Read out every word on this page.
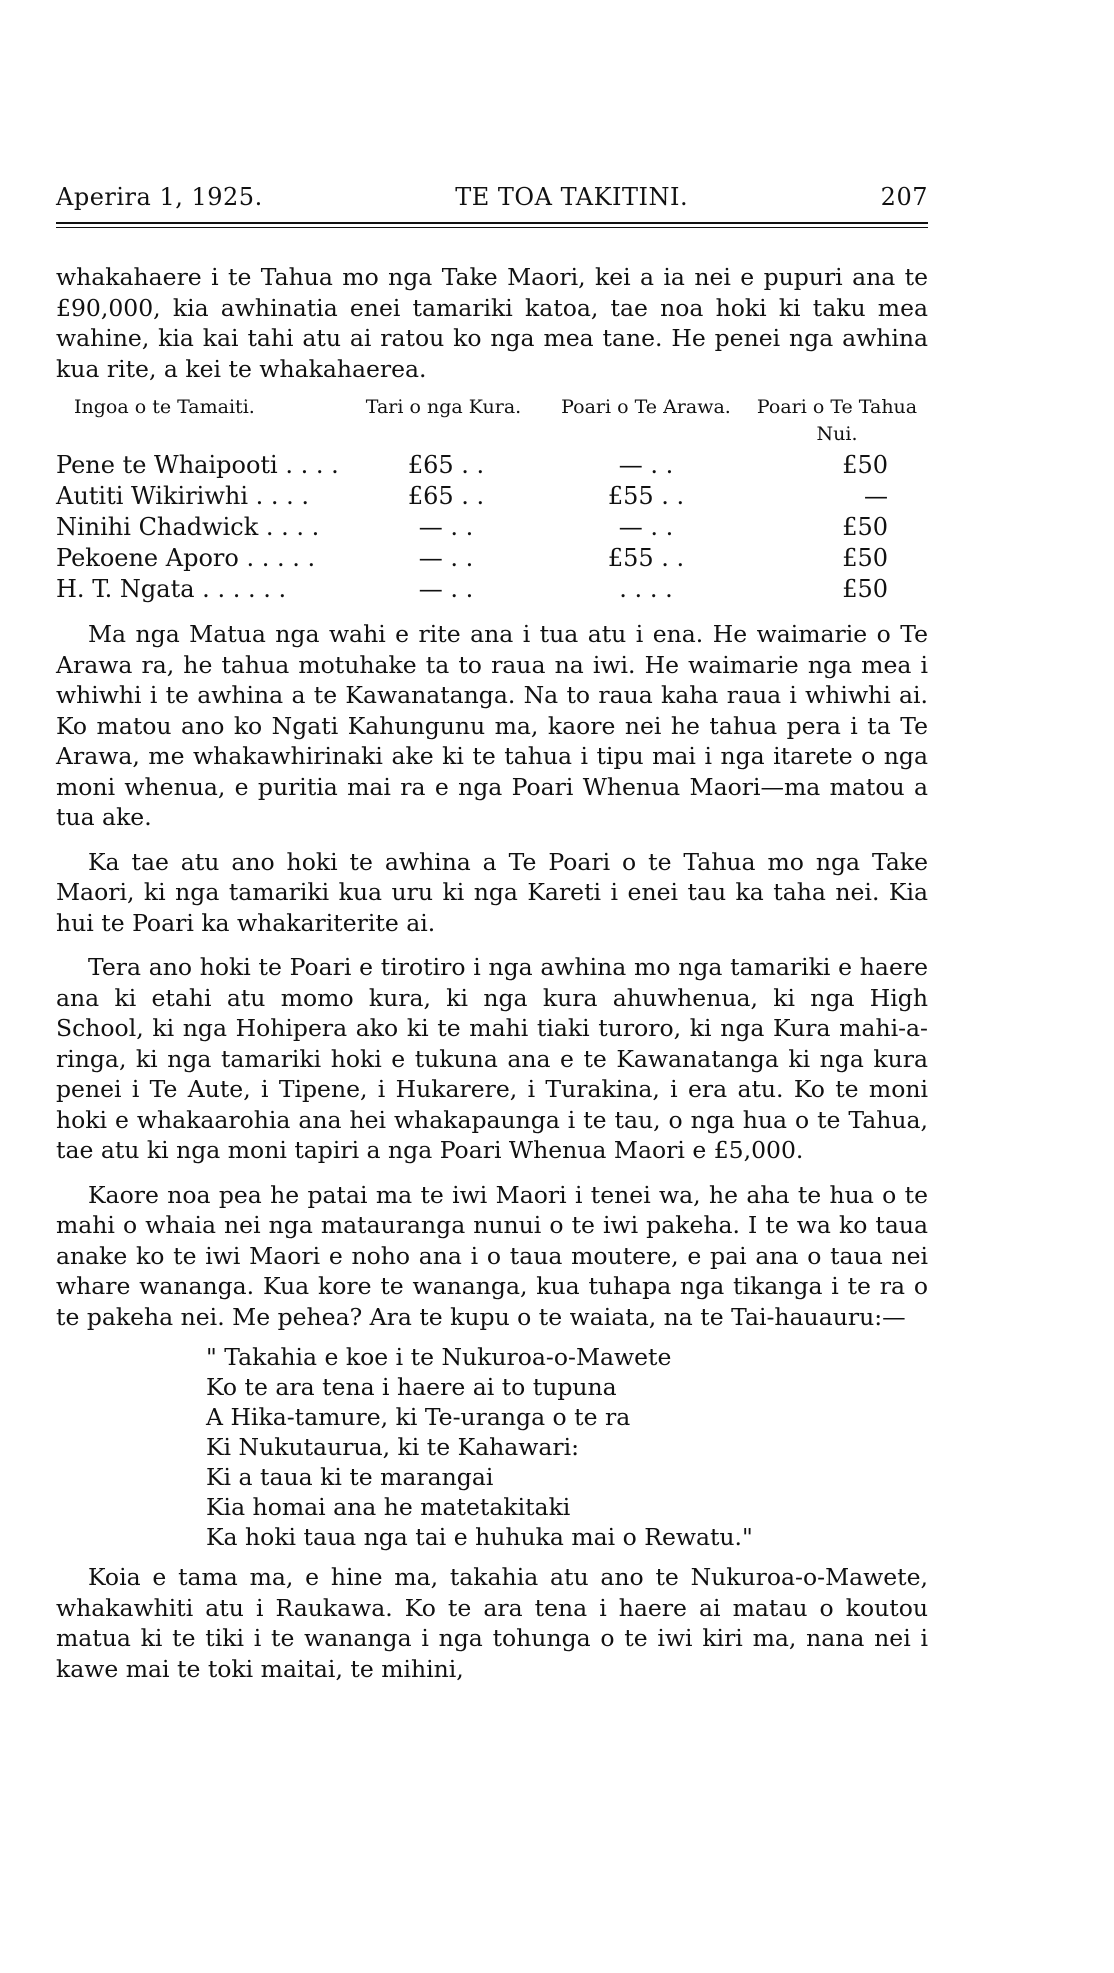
Aperira 1, 1925.	TE TOA TAKITINI.	207

whakahaere i te Tahua mo nga Take Maori, kei a ia nei e pupuri ana te £90,000, kia awhinatia enei tamariki katoa, tae noa hoki ki taku mea wahine, kia kai tahi atu ai ratou ko nga mea tane. He penei nga awhina kua rite, a kei te whakahaerea.

Ingoa o te Tamaiti.	Tari o nga Kura.	Poari o Te Arawa.	Poari o Te Tahua Nui.
Pene te Whaipooti . . . .	£65 . .	— . .	£50
Autiti Wikiriwhi . . . .	£65 . .	£55 . .	—
Ninihi Chadwick . . . .	— . .	— . .	£50
Pekoene Aporo . . . . .	— . .	£55 . .	£50
H. T. Ngata . . . . . .	— . .	. . . .	£50

Ma nga Matua nga wahi e rite ana i tua atu i ena. He waimarie o Te Arawa ra, he tahua motuhake ta to raua na iwi. He waimarie nga mea i whiwhi i te awhina a te Kawanatanga. Na to raua kaha raua i whiwhi ai. Ko matou ano ko Ngati Kahungunu ma, kaore nei he tahua pera i ta Te Arawa, me whakawhirinaki ake ki te tahua i tipu mai i nga itarete o nga moni whenua, e puritia mai ra e nga Poari Whenua Maori—ma matou a tua ake.

Ka tae atu ano hoki te awhina a Te Poari o te Tahua mo nga Take Maori, ki nga tamariki kua uru ki nga Kareti i enei tau ka taha nei. Kia hui te Poari ka whakariterite ai.

Tera ano hoki te Poari e tirotiro i nga awhina mo nga tamariki e haere ana ki etahi atu momo kura, ki nga kura ahuwhenua, ki nga High School, ki nga Hohipera ako ki te mahi tiaki turoro, ki nga Kura mahi-a-ringa, ki nga tamariki hoki e tukuna ana e te Kawanatanga ki nga kura penei i Te Aute, i Tipene, i Hukarere, i Turakina, i era atu. Ko te moni hoki e whakaarohia ana hei whakapaunga i te tau, o nga hua o te Tahua, tae atu ki nga moni tapiri a nga Poari Whenua Maori e £5,000.

Kaore noa pea he patai ma te iwi Maori i tenei wa, he aha te hua o te mahi o whaia nei nga matauranga nunui o te iwi pakeha. I te wa ko taua anake ko te iwi Maori e noho ana i o taua moutere, e pai ana o taua nei whare wananga. Kua kore te wananga, kua tuhapa nga tikanga i te ra o te pakeha nei. Me pehea? Ara te kupu o te waiata, na te Tai-hauauru:—

" Takahia e koe i te Nukuroa-o-Mawete
Ko te ara tena i haere ai to tupuna
A Hika-tamure, ki Te-uranga o te ra
Ki Nukutaurua, ki te Kahawari:
Ki a taua ki te marangai
Kia homai ana he matetakitaki
Ka hoki taua nga tai e huhuka mai o Rewatu."

Koia e tama ma, e hine ma, takahia atu ano te Nukuroa-o-Mawete, whakawhiti atu i Raukawa. Ko te ara tena i haere ai matau o koutou matua ki te tiki i te wananga i nga tohunga o te iwi kiri ma, nana nei i kawe mai te toki maitai, te mihini,
